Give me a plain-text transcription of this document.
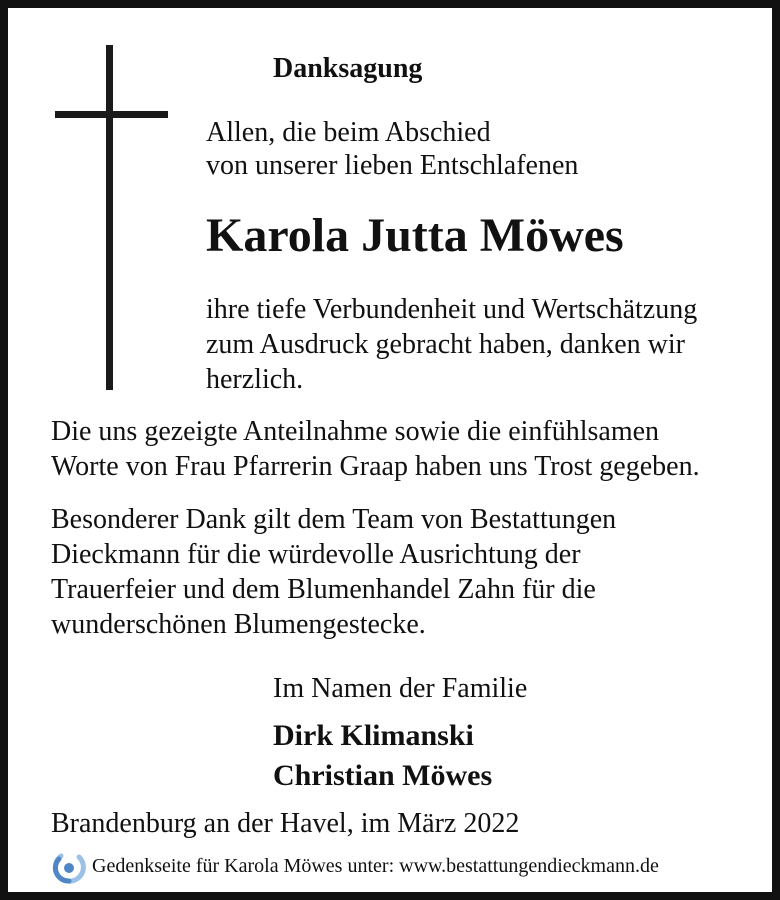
Danksagung
Allen, die beim Abschied
von unserer lieben Entschlafenen
Karola Jutta Möwes
ihre tiefe Verbundenheit und Wertschätzung
zum Ausdruck gebracht haben, danken wir
herzlich.
Die uns gezeigte Anteilnahme sowie die einfühlsamen
Worte von Frau Pfarrerin Graap haben uns Trost gegeben.
Besonderer Dank gilt dem Team von Bestattungen
Dieckmann für die würdevolle Ausrichtung der
Trauerfeier und dem Blumenhandel Zahn für die
wunderschönen Blumengestecke.
Im Namen der Familie
Dirk Klimanski
Christian Möwes
Brandenburg an der Havel, im März 2022
Gedenkseite für Karola Möwes unter: www.bestattungendieckmann.de
